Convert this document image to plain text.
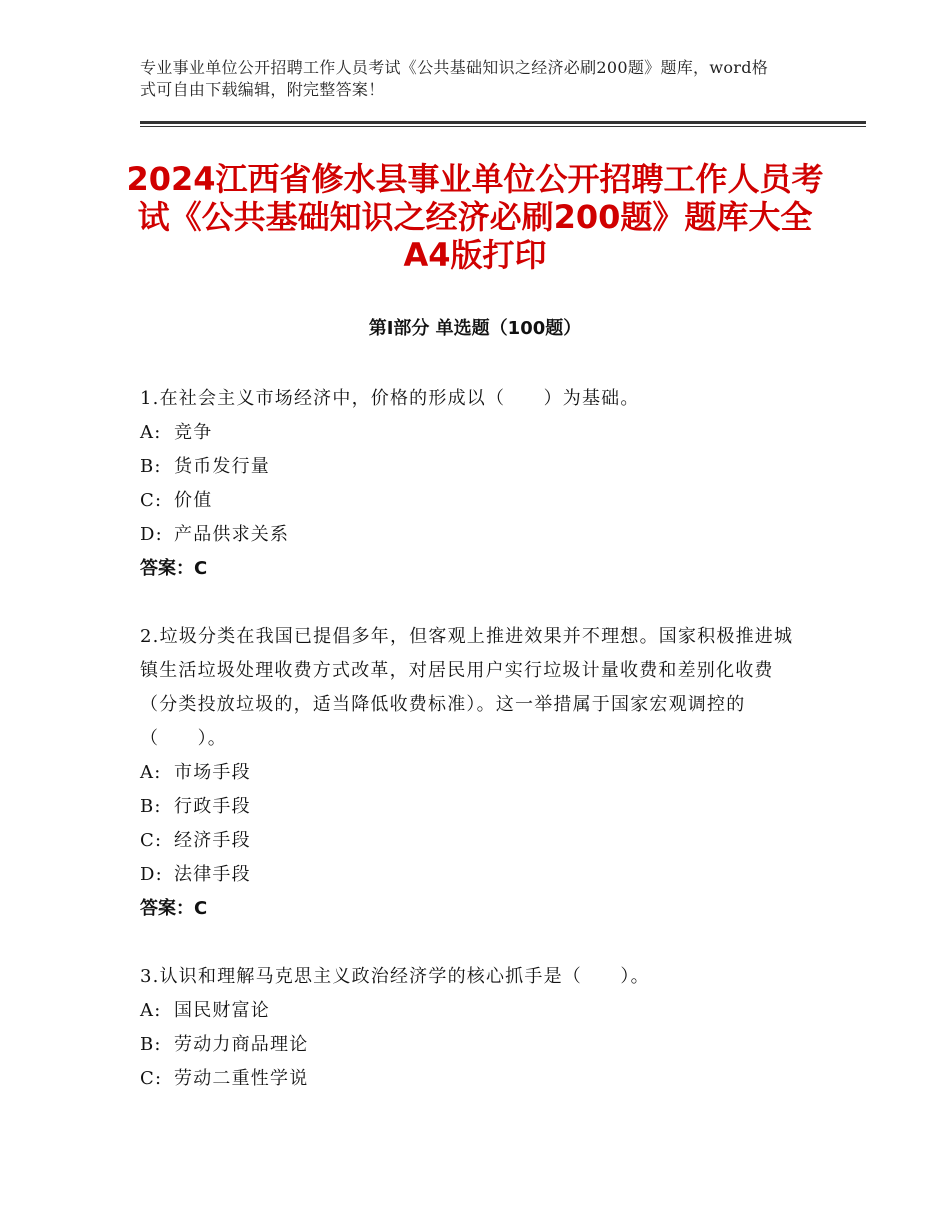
专业事业单位公开招聘工作人员考试《公共基础知识之经济必刷200题》题库，word格式可自由下载编辑，附完整答案！
2024江西省修水县事业单位公开招聘工作人员考试《公共基础知识之经济必刷200题》题库大全A4版打印
第Ⅰ部分 单选题（100题）

1.在社会主义市场经济中，价格的形成以（　　）为基础。

A: 竞争

B: 货币发行量

C: 价值

D: 产品供求关系

答案：C

2.垃圾分类在我国已提倡多年，但客观上推进效果并不理想。国家积极推进城镇生活垃圾处理收费方式改革，对居民用户实行垃圾计量收费和差别化收费（分类投放垃圾的，适当降低收费标准）。这一举措属于国家宏观调控的（　　）。

A: 市场手段

B: 行政手段

C: 经济手段

D: 法律手段

答案：C

3.认识和理解马克思主义政治经济学的核心抓手是（　　）。

A: 国民财富论

B: 劳动力商品理论

C: 劳动二重性学说
